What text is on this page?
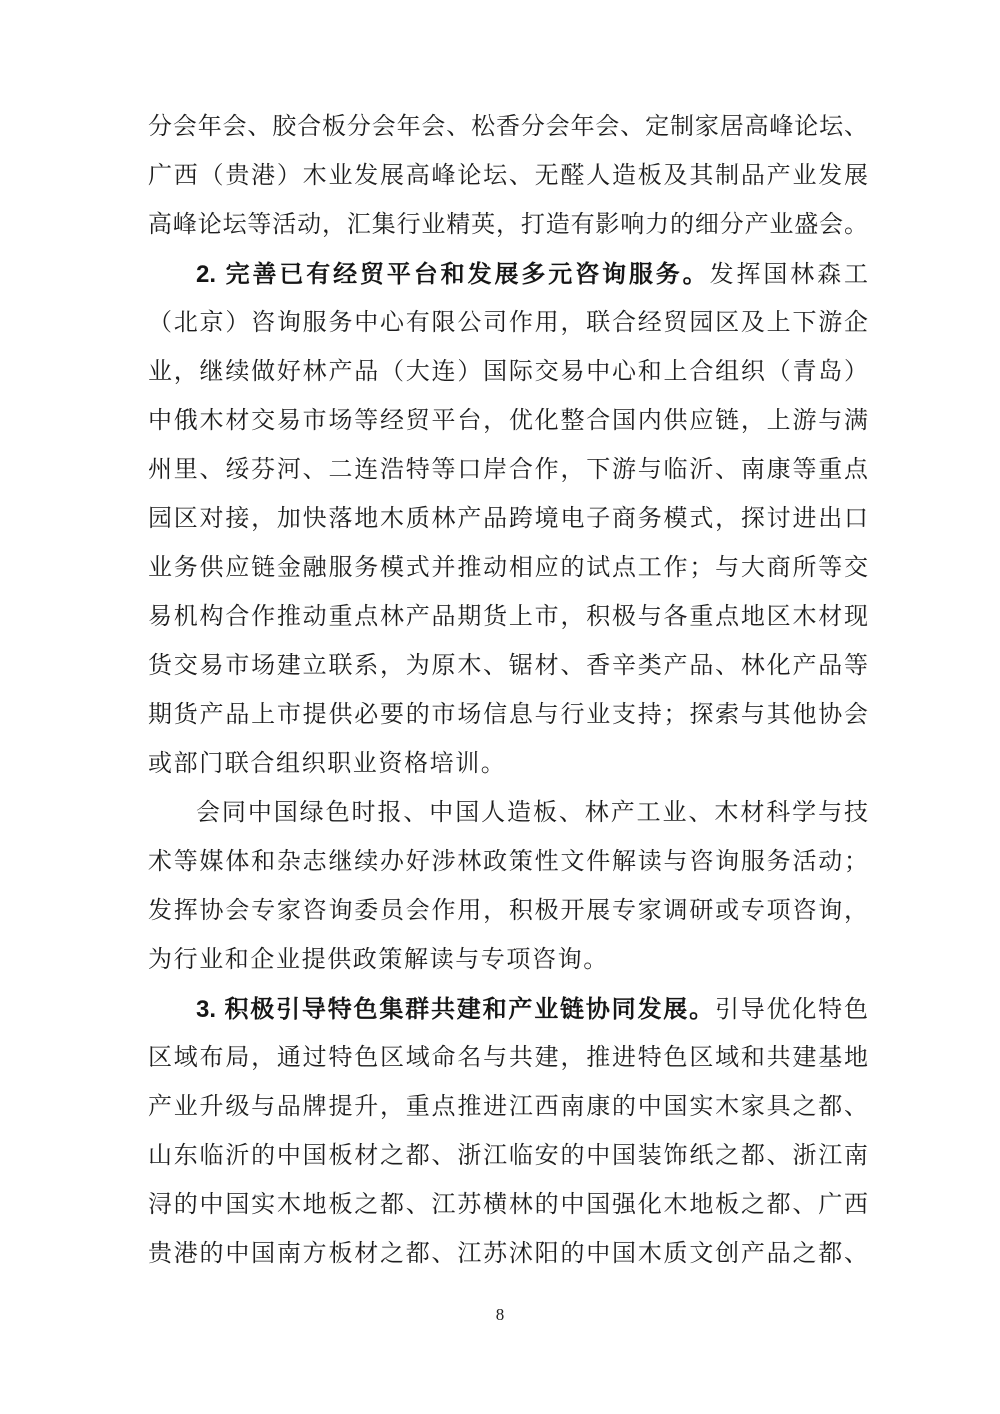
分会年会、胶合板分会年会、松香分会年会、定制家居高峰论坛、
广西（贵港）木业发展高峰论坛、无醛人造板及其制品产业发展
高峰论坛等活动，汇集行业精英，打造有影响力的细分产业盛会。
2. 完善已有经贸平台和发展多元咨询服务。发挥国林森工
（北京）咨询服务中心有限公司作用，联合经贸园区及上下游企
业，继续做好林产品（大连）国际交易中心和上合组织（青岛）
中俄木材交易市场等经贸平台，优化整合国内供应链，上游与满
州里、绥芬河、二连浩特等口岸合作，下游与临沂、南康等重点
园区对接，加快落地木质林产品跨境电子商务模式，探讨进出口
业务供应链金融服务模式并推动相应的试点工作；与大商所等交
易机构合作推动重点林产品期货上市，积极与各重点地区木材现
货交易市场建立联系，为原木、锯材、香辛类产品、林化产品等
期货产品上市提供必要的市场信息与行业支持；探索与其他协会
或部门联合组织职业资格培训。
会同中国绿色时报、中国人造板、林产工业、木材科学与技
术等媒体和杂志继续办好涉林政策性文件解读与咨询服务活动；
发挥协会专家咨询委员会作用，积极开展专家调研或专项咨询，
为行业和企业提供政策解读与专项咨询。
3. 积极引导特色集群共建和产业链协同发展。引导优化特色
区域布局，通过特色区域命名与共建，推进特色区域和共建基地
产业升级与品牌提升，重点推进江西南康的中国实木家具之都、
山东临沂的中国板材之都、浙江临安的中国装饰纸之都、浙江南
浔的中国实木地板之都、江苏横林的中国强化木地板之都、广西
贵港的中国南方板材之都、江苏沭阳的中国木质文创产品之都、
8
